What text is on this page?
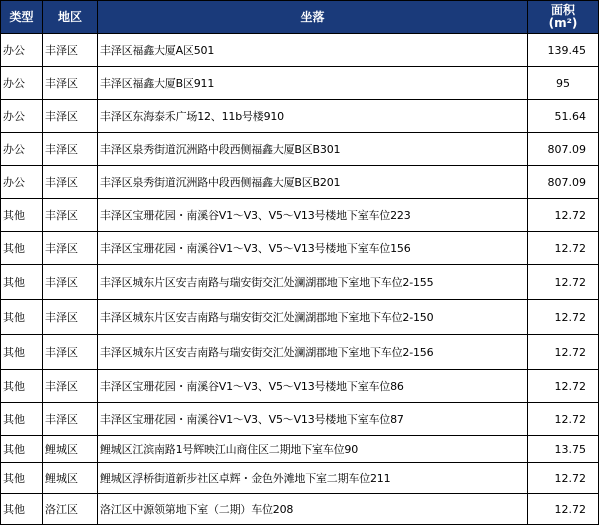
类型	地区	坐落	面积
(m²)
办公	丰泽区	丰泽区福鑫大厦A区501	139.45
办公	丰泽区	丰泽区福鑫大厦B区911	95
办公	丰泽区	丰泽区东海泰禾广场12、11b号楼910	51.64
办公	丰泽区	丰泽区泉秀街道沉洲路中段西侧福鑫大厦B区B301	807.09
办公	丰泽区	丰泽区泉秀街道沉洲路中段西侧福鑫大厦B区B201	807.09
其他	丰泽区	丰泽区宝珊花园・南溪谷V1～V3、V5～V13号楼地下室车位223	12.72
其他	丰泽区	丰泽区宝珊花园・南溪谷V1～V3、V5～V13号楼地下室车位156	12.72
其他	丰泽区	丰泽区城东片区安吉南路与瑞安街交汇处澜湖郡地下室地下车位2-155	12.72
其他	丰泽区	丰泽区城东片区安吉南路与瑞安街交汇处澜湖郡地下室地下车位2-150	12.72
其他	丰泽区	丰泽区城东片区安吉南路与瑞安街交汇处澜湖郡地下室地下车位2-156	12.72
其他	丰泽区	丰泽区宝珊花园・南溪谷V1～V3、V5～V13号楼地下室车位86	12.72
其他	丰泽区	丰泽区宝珊花园・南溪谷V1～V3、V5～V13号楼地下室车位87	12.72
其他	鲤城区	鲤城区江滨南路1号辉映江山商住区二期地下室车位90	13.75
其他	鲤城区	鲤城区浮桥街道新步社区卓辉・金色外滩地下室二期车位211	12.72
其他	洛江区	洛江区中源领第地下室（二期）车位208	12.72
